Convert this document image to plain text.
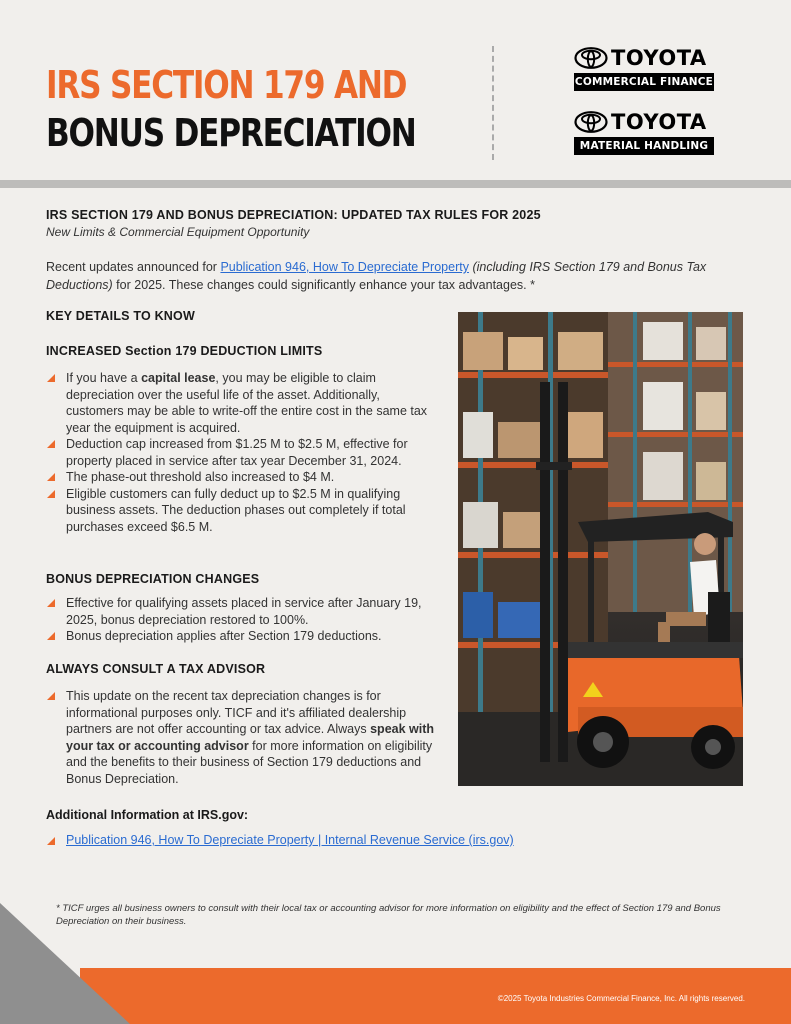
IRS SECTION 179 AND
BONUS DEPRECIATION
TOYOTA
COMMERCIAL FINANCE
TOYOTA
MATERIAL HANDLING
IRS SECTION 179 AND BONUS DEPRECIATION: UPDATED TAX RULES FOR 2025
New Limits & Commercial Equipment Opportunity
Recent updates announced for Publication 946, How To Depreciate Property (including IRS Section 179 and Bonus Tax Deductions) for 2025. These changes could significantly enhance your tax advantages. *
KEY DETAILS TO KNOW
INCREASED Section 179 DEDUCTION LIMITS
If you have a capital lease, you may be eligible to claim depreciation over the useful life of the asset. Additionally, customers may be able to write-off the entire cost in the same tax year the equipment is acquired.
Deduction cap increased from $1.25 M to $2.5 M, effective for property placed in service after tax year December 31, 2024.
The phase-out threshold also increased to $4 M.
Eligible customers can fully deduct up to $2.5 M in qualifying business assets. The deduction phases out completely if total purchases exceed $6.5 M.
BONUS DEPRECIATION CHANGES
Effective for qualifying assets placed in service after January 19, 2025, bonus depreciation restored to 100%.
Bonus depreciation applies after Section 179 deductions.
ALWAYS CONSULT A TAX ADVISOR
This update on the recent tax depreciation changes is for informational purposes only. TICF and it's affiliated dealership partners are not offer accounting or tax advice. Always speak with your tax or accounting advisor for more information on eligibility and the benefits to their business of Section 179 deductions and Bonus Depreciation.
Additional Information at IRS.gov:
Publication 946, How To Depreciate Property | Internal Revenue Service (irs.gov)
* TICF urges all business owners to consult with their local tax or accounting advisor for more information on eligibility and the effect of Section 179 and Bonus Depreciation on their business.
©2025 Toyota Industries Commercial Finance, Inc. All rights reserved.
